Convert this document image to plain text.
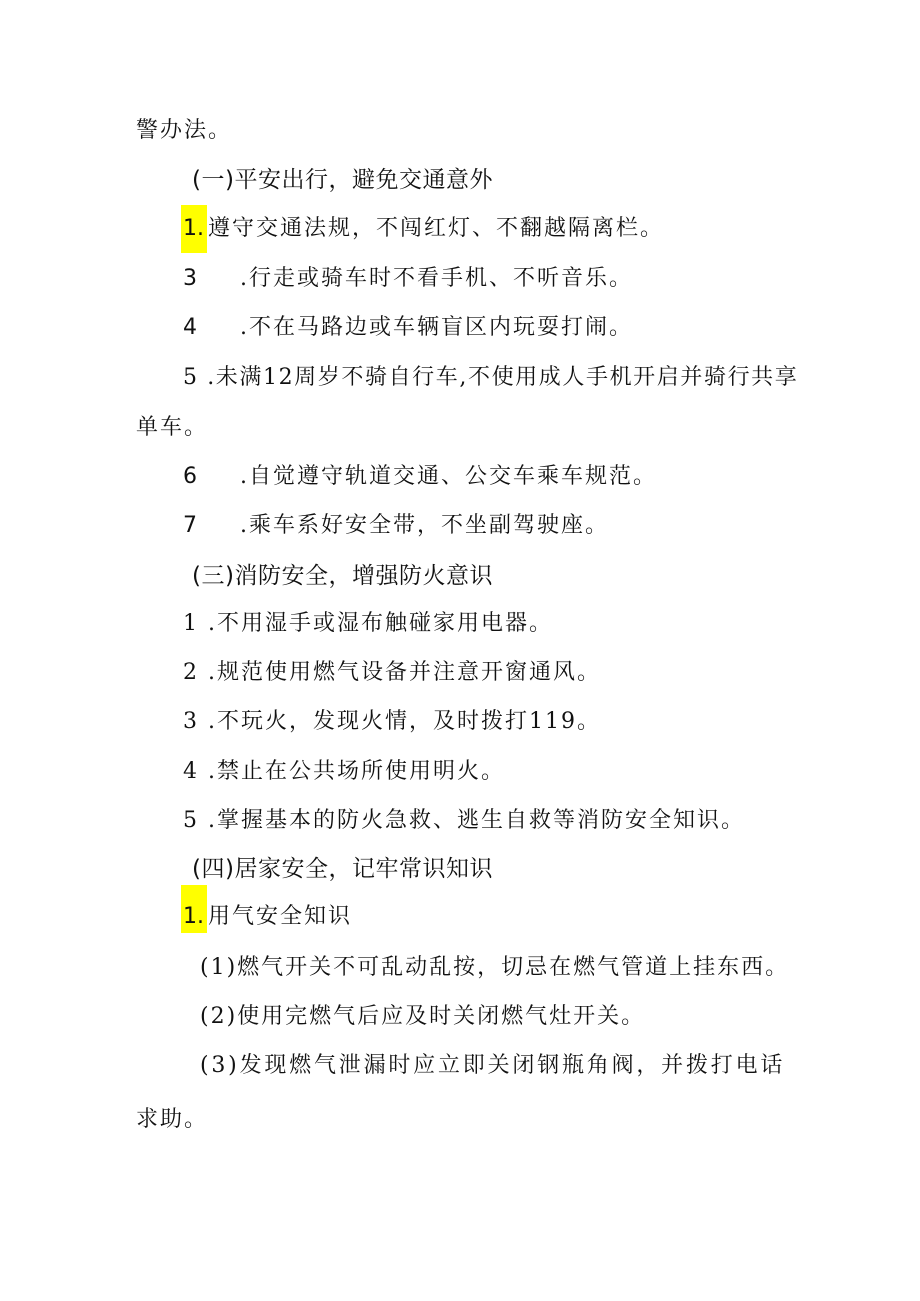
警办法。
(一)平安出行，避免交通意外
1. 遵守交通法规，不闯红灯、不翻越隔离栏。
3 .行走或骑车时不看手机、不听音乐。
4 .不在马路边或车辆盲区内玩耍打闹。
5 .未满12周岁不骑自行车,不使用成人手机开启并骑行共享
单车。
6 .自觉遵守轨道交通、公交车乘车规范。
7 .乘车系好安全带，不坐副驾驶座。
(三)消防安全，增强防火意识
1 .不用湿手或湿布触碰家用电器。
2 .规范使用燃气设备并注意开窗通风。
3 .不玩火，发现火情，及时拨打119。
4 .禁止在公共场所使用明火。
5 .掌握基本的防火急救、逃生自救等消防安全知识。
(四)居家安全，记牢常识知识
1. 用气安全知识
(1)燃气开关不可乱动乱按，切忌在燃气管道上挂东西。
(2)使用完燃气后应及时关闭燃气灶开关。
(3)发现燃气泄漏时应立即关闭钢瓶角阀，并拨打电话
求助。
